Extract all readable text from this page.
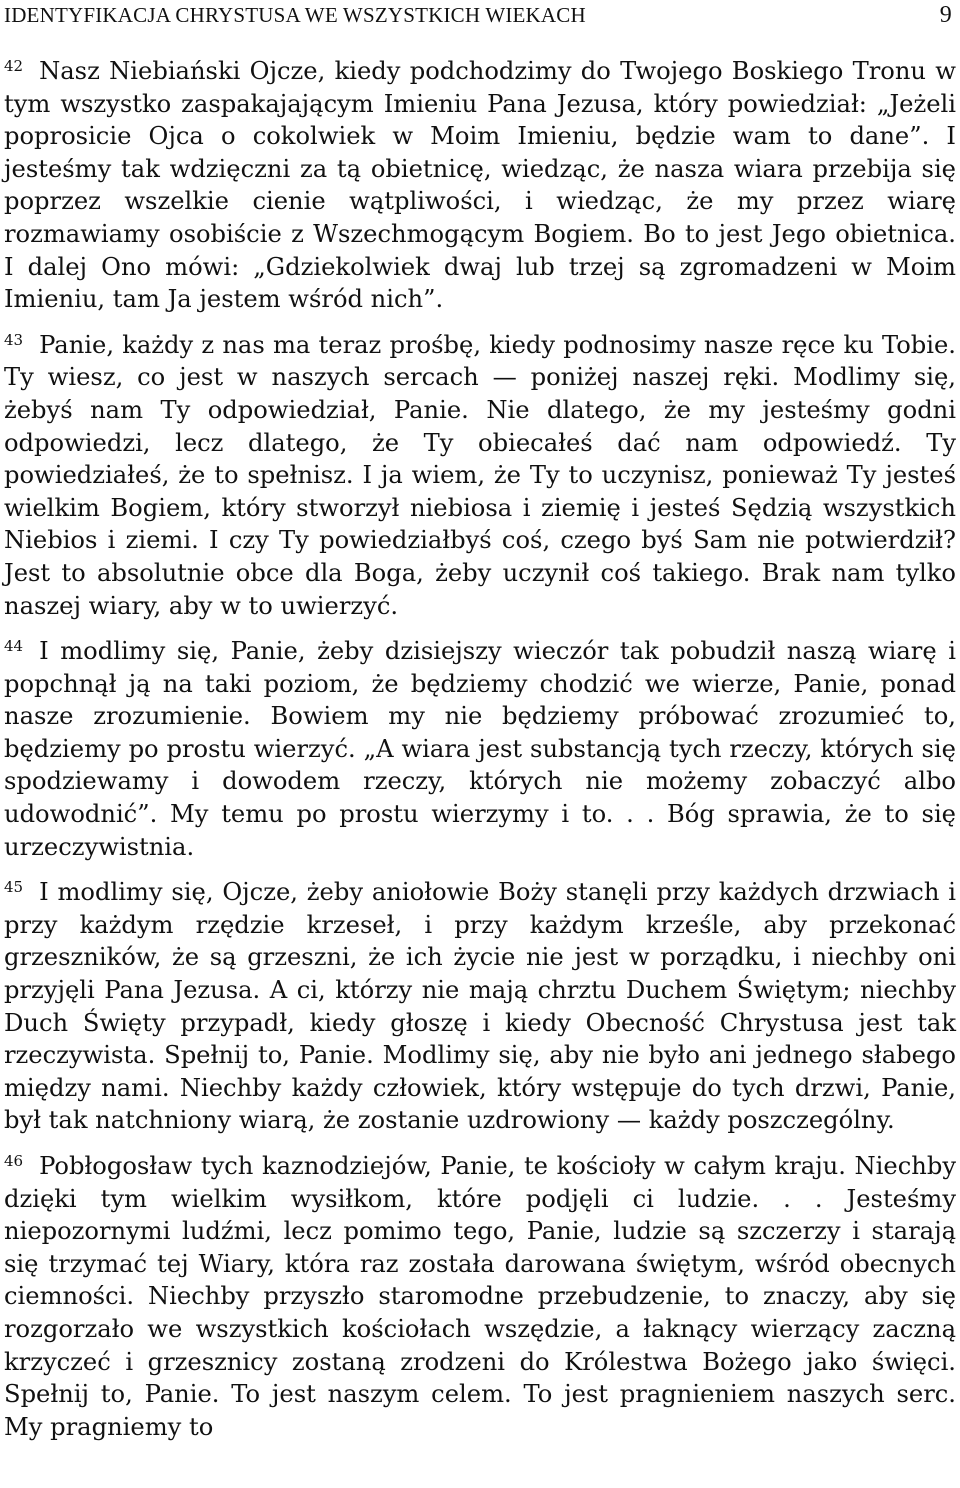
IDENTYFIKACJA CHRYSTUSA WE WSZYSTKICH WIEKACH	9

$^{42}$ Nasz Niebiański Ojcze, kiedy podchodzimy do Twojego Boskiego Tronu w tym wszystko zaspakajającym Imieniu Pana Jezusa, który powiedział: „Jeżeli poprosicie Ojca o cokolwiek w Moim Imieniu, będzie wam to dane”. I jesteśmy tak wdzięczni za tą obietnicę, wiedząc, że nasza wiara przebija się poprzez wszelkie cienie wątpliwości, i wiedząc, że my przez wiarę rozmawiamy osobiście z Wszechmogącym Bogiem. Bo to jest Jego obietnica. I dalej Ono mówi: „Gdziekolwiek dwaj lub trzej są zgromadzeni w Moim Imieniu, tam Ja jestem wśród nich”.

$^{43}$ Panie, każdy z nas ma teraz prośbę, kiedy podnosimy nasze ręce ku Tobie. Ty wiesz, co jest w naszych sercach — poniżej naszej ręki. Modlimy się, żebyś nam Ty odpowiedział, Panie. Nie dlatego, że my jesteśmy godni odpowiedzi, lecz dlatego, że Ty obiecałeś dać nam odpowiedź. Ty powiedziałeś, że to spełnisz. I ja wiem, że Ty to uczynisz, ponieważ Ty jesteś wielkim Bogiem, który stworzył niebiosa i ziemię i jesteś Sędzią wszystkich Niebios i ziemi. I czy Ty powiedziałbyś coś, czego byś Sam nie potwierdził? Jest to absolutnie obce dla Boga, żeby uczynił coś takiego. Brak nam tylko naszej wiary, aby w to uwierzyć.

$^{44}$ I modlimy się, Panie, żeby dzisiejszy wieczór tak pobudził naszą wiarę i popchnął ją na taki poziom, że będziemy chodzić we wierze, Panie, ponad nasze zrozumienie. Bowiem my nie będziemy próbować zrozumieć to, będziemy po prostu wierzyć. „A wiara jest substancją tych rzeczy, których się spodziewamy i dowodem rzeczy, których nie możemy zobaczyć albo udowodnić”. My temu po prostu wierzymy i to. . . Bóg sprawia, że to się urzeczywistnia.

$^{45}$ I modlimy się, Ojcze, żeby aniołowie Boży stanęli przy każdych drzwiach i przy każdym rzędzie krzeseł, i przy każdym krześle, aby przekonać grzeszników, że są grzeszni, że ich życie nie jest w porządku, i niechby oni przyjęli Pana Jezusa. A ci, którzy nie mają chrztu Duchem Świętym; niechby Duch Święty przypadł, kiedy głoszę i kiedy Obecność Chrystusa jest tak rzeczywista. Spełnij to, Panie. Modlimy się, aby nie było ani jednego słabego między nami. Niechby każdy człowiek, który wstępuje do tych drzwi, Panie, był tak natchniony wiarą, że zostanie uzdrowiony — każdy poszczególny.

$^{46}$ Pobłogosław tych kaznodziejów, Panie, te kościoły w całym kraju. Niechby dzięki tym wielkim wysiłkom, które podjęli ci ludzie. . . Jesteśmy niepozornymi ludźmi, lecz pomimo tego, Panie, ludzie są szczerzy i starają się trzymać tej Wiary, która raz została darowana świętym, wśród obecnych ciemności. Niechby przyszło staromodne przebudzenie, to znaczy, aby się rozgorzało we wszystkich kościołach wszędzie, a łaknący wierzący zaczną krzyczeć i grzesznicy zostaną zrodzeni do Królestwa Bożego jako święci. Spełnij to, Panie. To jest naszym celem. To jest pragnieniem naszych serc. My pragniemy to
